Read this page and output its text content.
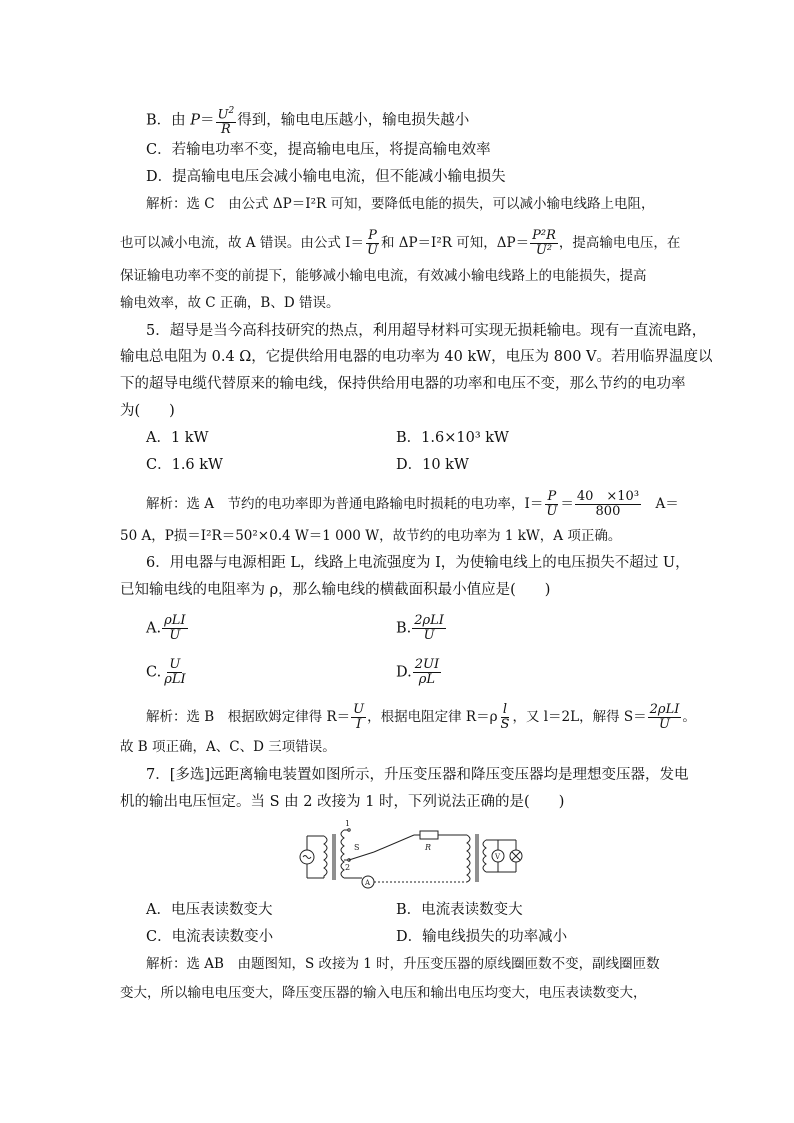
B．由 $P= \frac{U^2}{R}$ 得到，输电电压越小，输电损失越小
C．若输电功率不变，提高输电电压，将提高输电效率
D．提高输电电压会减小输电电流，但不能减小输电损失
解析：选 C　由公式 ΔP＝I²R 可知，要降低电能的损失，可以减小输电线路上电阻，
也可以减小电流，故 A 错误。由公式 $I= \frac{P}{U}$ 和 ΔP＝I²R 可知，$\Delta P= \frac{\text{P²R}}{\text{U²}}$ ，提高输电电压，在
保证输电功率不变的前提下，能够减小输电电流，有效减小输电线路上的电能损失，提高
输电效率，故 C 正确，B、D 错误。
5．超导是当今高科技研究的热点，利用超导材料可实现无损耗输电。现有一直流电路，
输电总电阻为 0.4 Ω，它提供给用电器的电功率为 40 kW，电压为 800 V。若用临界温度以
下的超导电缆代替原来的输电线，保持供给用电器的功率和电压不变，那么节约的电功率
为(　　)
A．1 kW	B．1.6×10³ kW
C．1.6 kW	D．10 kW
解析：选 A　节约的电功率即为普通电路输电时损耗的电功率，$I= \frac{P}{U} = \frac{\text{40　×10³}}{800}$ 　A＝
50 A，P损＝I²R＝50²×0.4 W＝1 000 W，故节约的电功率为 1 kW，A 项正确。
6．用电器与电源相距 L，线路上电流强度为 I，为使输电线上的电压损失不超过 U，
已知输电线的电阻率为 ρ，那么输电线的横截面积最小值应是(　　)
A. $\frac{\text{ρLI}}{U}$	B. $\frac{\text{2ρLI}}{U}$
C. $\frac{U}{\text{ρLI}}$	D. $\frac{2UI}{\rho L}$
解析：选 B　根据欧姆定律得 $R= \frac{U}{I}$ ，根据电阻定律 $R=\rho \frac{l}{S}$ ，又 l＝2L，解得 $S= \frac{\text{2ρLI}}{U}$ 。
故 B 项正确，A、C、D 三项错误。
7．[多选]远距离输电装置如图所示，升压变压器和降压变压器均是理想变压器，发电
机的输出电压恒定。当 S 由 2 改接为 1 时，下列说法正确的是(　　)
1
2
S	R
A
V
A．电压表读数变大	B．电流表读数变大
C．电流表读数变小	D．输电线损失的功率减小
解析：选 AB　由题图知，S 改接为 1 时，升压变压器的原线圈匝数不变，副线圈匝数
变大，所以输电电压变大，降压变压器的输入电压和输出电压均变大，电压表读数变大，
